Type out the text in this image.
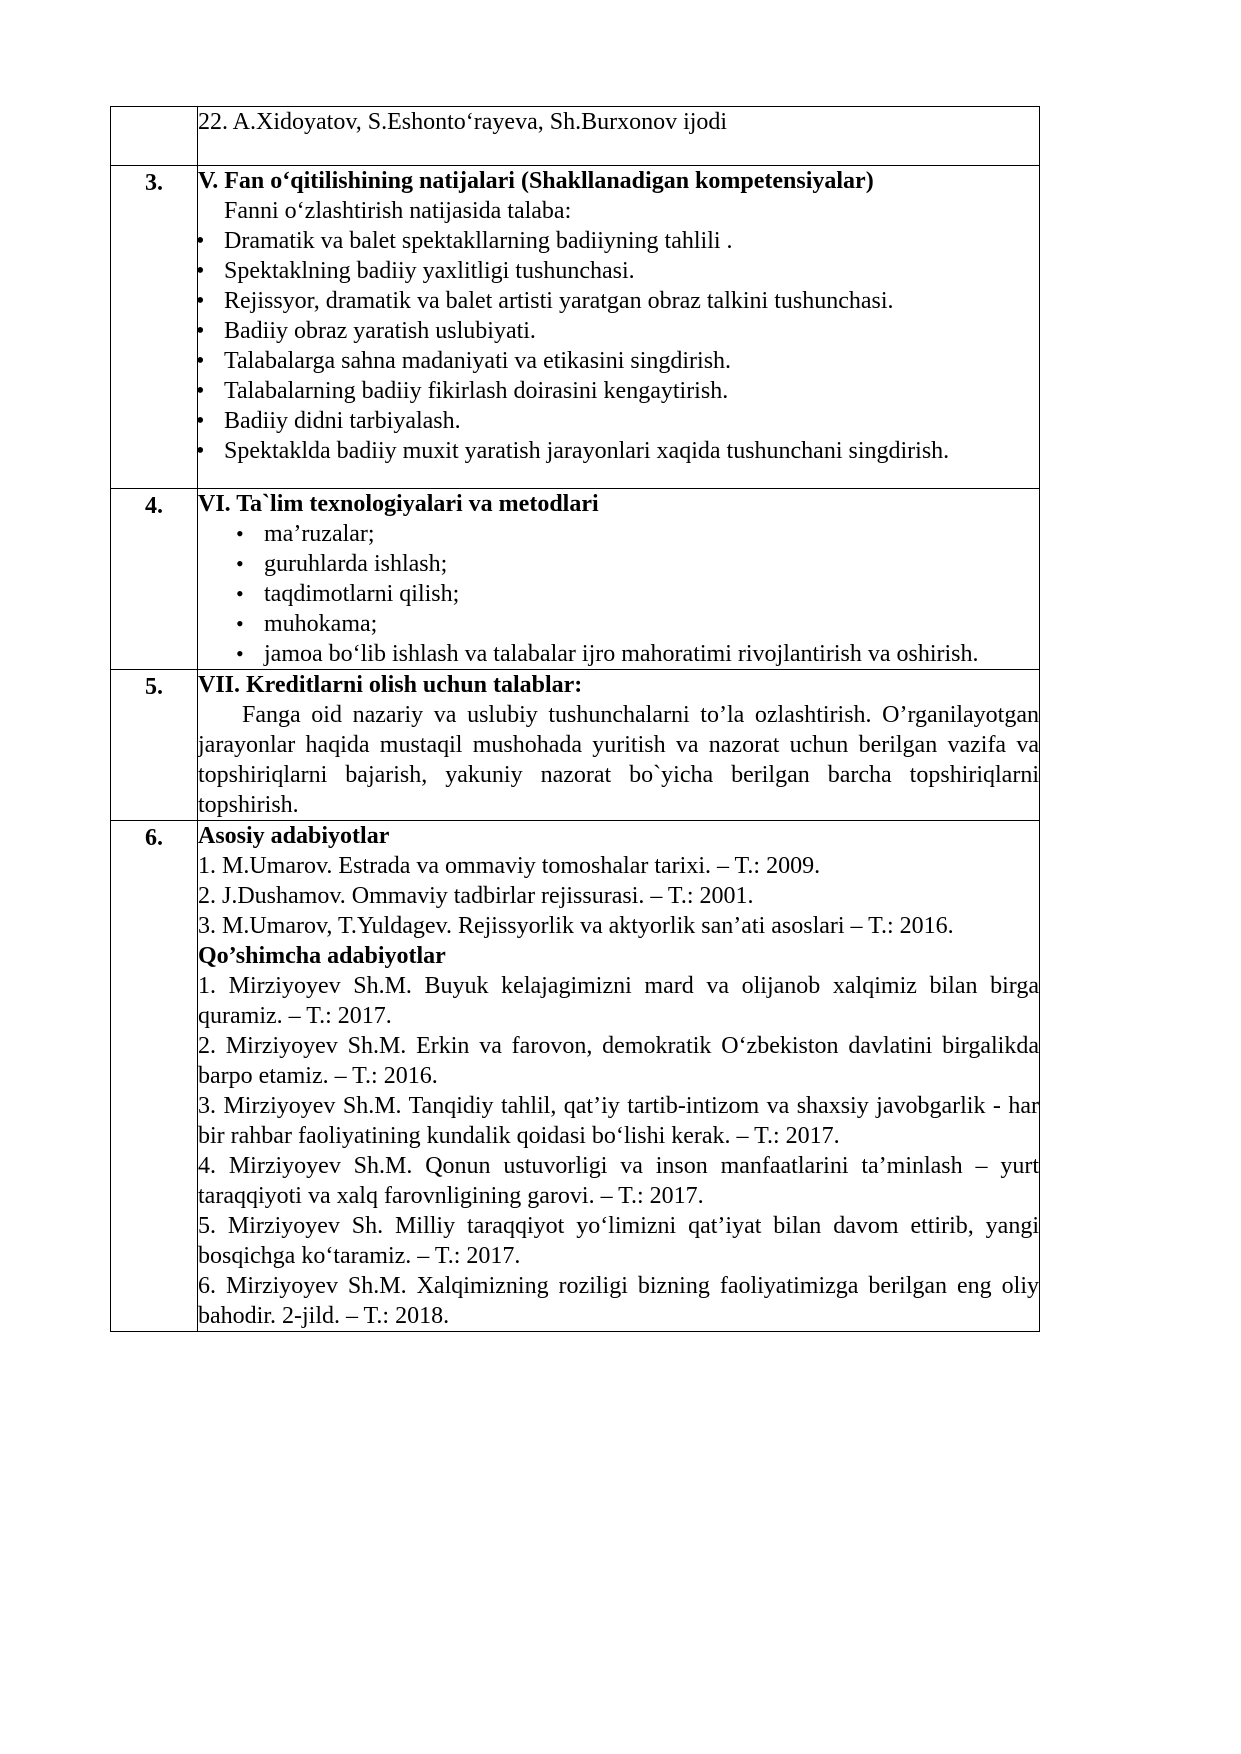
	22. A.Xidoyatov, S.Eshonto‘rayeva, Sh.Burxonov ijodi

3.	V. Fan o‘qitilishining natijalari (Shakllanadigan kompetensiyalar)
Fanni o‘zlashtirish natijasida talaba:
• Dramatik va balet spektakllarning badiiyning tahlili .
• Spektaklning badiiy yaxlitligi tushunchasi.
• Rejissyor, dramatik va balet artisti yaratgan obraz talkini tushunchasi.
• Badiiy obraz yaratish uslubiyati.
• Talabalarga sahna madaniyati va etikasini singdirish.
• Talabalarning badiiy fikirlash doirasini kengaytirish.
• Badiiy didni tarbiyalash.
• Spektakldа badiiy muxit yaratish jarayonlari xaqida tushunchani singdirish.

4.	VI. Ta`lim texnologiyalari va metodlari
• ma’ruzalar;
• guruhlarda ishlash;
• taqdimotlarni qilish;
• muhokama;
• jamoa bo‘lib ishlash va talabalar ijro mahoratimi rivojlantirish va oshirish.

5.	VII. Kreditlarni olish uchun talablar:
Fanga oid nazariy va uslubiy tushunchalarni to’la ozlashtirish. O’rganilayotgan jarayonlar haqida mustaqil mushohada yuritish va nazorat uchun berilgan vazifa va topshiriqlarni bajarish, yakuniy nazorat bo`yicha berilgan barcha topshiriqlarni topshirish.

6.	Asosiy adabiyotlar
1. M.Umarov. Estrada va ommaviy tomoshalar tarixi. – T.: 2009.
2. J.Dushamov. Ommaviy tadbirlar rejissurasi. – T.: 2001.
3. M.Umarov, T.Yuldagev. Rejissyorlik va aktyorlik san’ati asoslari – T.: 2016.
Qo’shimcha adabiyotlar
1. Mirziyoyev Sh.M. Buyuk kelajagimizni mard va olijanob xalqimiz bilan birga quramiz. – T.: 2017.
2. Mirziyoyev Sh.M. Erkin va farovon, demokratik O‘zbekiston davlatini birgalikda barpo etamiz. – T.: 2016.
3. Mirziyoyev Sh.M. Tanqidiy tahlil, qat’iy tartib-intizom va shaxsiy javobgarlik - har bir rahbar faoliyatining kundalik qoidasi bo‘lishi kerak. – T.: 2017.
4. Mirziyoyev Sh.M. Qonun ustuvorligi va inson manfaatlarini ta’minlash – yurt taraqqiyoti va xalq farovnligining garovi. – T.: 2017.
5. Mirziyoyev Sh. Milliy taraqqiyot yo‘limizni qat’iyat bilan davom ettirib, yangi bosqichga ko‘taramiz. – T.: 2017.
6. Mirziyoyev Sh.M. Xalqimizning roziligi bizning faoliyatimizga berilgan eng oliy bahodir. 2-jild. – T.: 2018.
